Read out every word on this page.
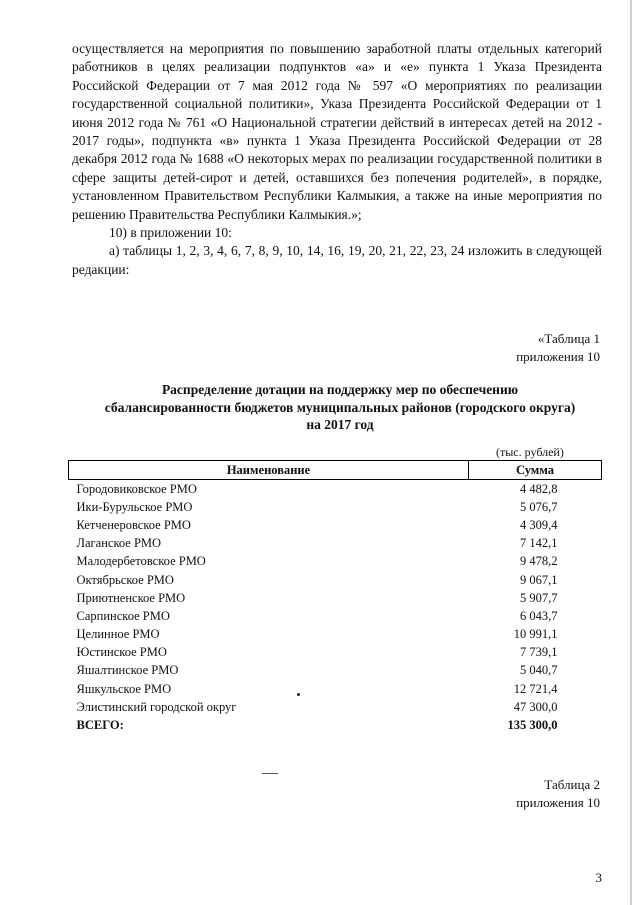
осуществляется на мероприятия по повышению заработной платы отдельных категорий работников в целях реализации подпунктов «а» и «е» пункта 1 Указа Президента Российской Федерации от 7 мая 2012 года № 597 «О мероприятиях по реализации государственной социальной политики», Указа Президента Российской Федерации от 1 июня 2012 года № 761 «О Национальной стратегии действий в интересах детей на 2012 - 2017 годы», подпункта «в» пункта 1 Указа Президента Российской Федерации от 28 декабря 2012 года № 1688 «О некоторых мерах по реализации государственной политики в сфере защиты детей-сирот и детей, оставшихся без попечения родителей», в порядке, установленном Правительством Республики Калмыкия, а также на иные мероприятия по решению Правительства Республики Калмыкия.»;

10) в приложении 10:

а) таблицы 1, 2, 3, 4, 6, 7, 8, 9, 10, 14, 16, 19, 20, 21, 22, 23, 24 изложить в следующей редакции:

«Таблица 1
приложения 10
Распределение дотации на поддержку мер по обеспечению
сбалансированности бюджетов муниципальных районов (городского округа)
на 2017 год
(тыс. рублей)
Наименование	Сумма
Городовиковское РМО	4 482,8
Ики-Бурульское РМО	5 076,7
Кетченеровское РМО	4 309,4
Лаганское РМО	7 142,1
Малодербетовское РМО	9 478,2
Октябрьское РМО	9 067,1
Приютненское РМО	5 907,7
Сарпинское РМО	6 043,7
Целинное РМО	10 991,1
Юстинское РМО	7 739,1
Яшалтинское РМО	5 040,7
Яшкульское РМО	12 721,4
Элистинский городской округ	47 300,0
ВСЕГО:	135 300,0
Таблица 2
приложения 10
3
